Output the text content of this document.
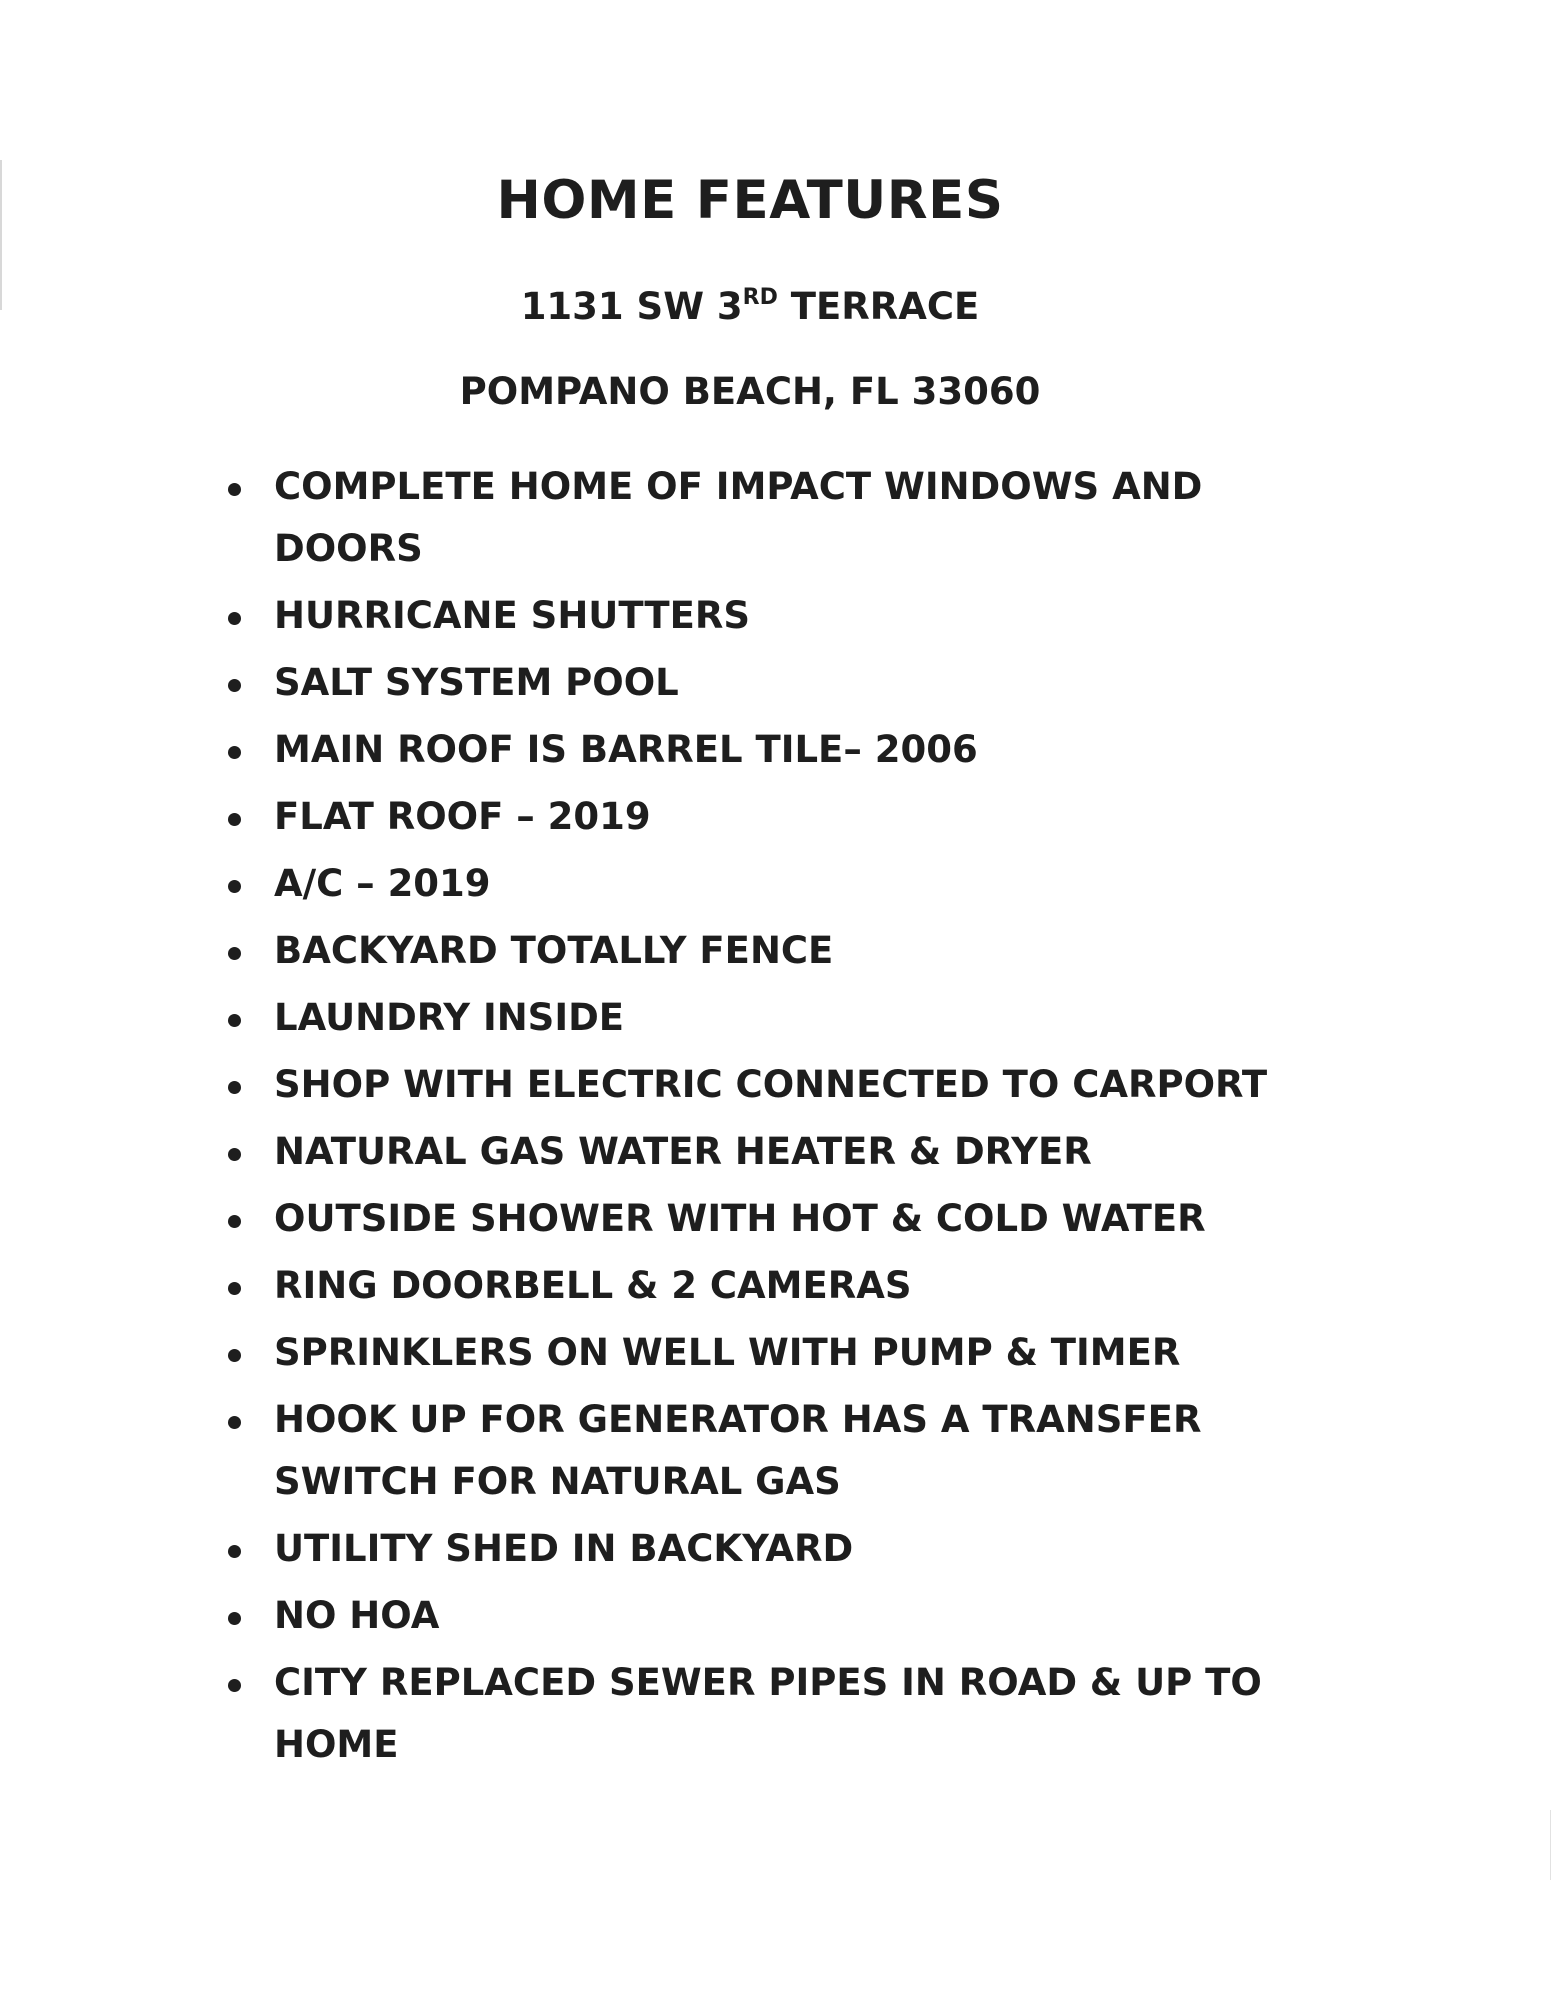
HOME FEATURES
1131 SW 3RD TERRACE
POMPANO BEACH, FL 33060
COMPLETE HOME OF IMPACT WINDOWS AND DOORS
HURRICANE SHUTTERS
SALT SYSTEM POOL
MAIN ROOF IS BARREL TILE– 2006
FLAT ROOF – 2019
A/C – 2019
BACKYARD TOTALLY FENCE
LAUNDRY INSIDE
SHOP WITH ELECTRIC CONNECTED TO CARPORT
NATURAL GAS WATER HEATER & DRYER
OUTSIDE SHOWER WITH HOT & COLD WATER
RING DOORBELL & 2 CAMERAS
SPRINKLERS ON WELL WITH PUMP & TIMER
HOOK UP FOR GENERATOR HAS A TRANSFER SWITCH FOR NATURAL GAS
UTILITY SHED IN BACKYARD
NO HOA
CITY REPLACED SEWER PIPES IN ROAD & UP TO HOME
